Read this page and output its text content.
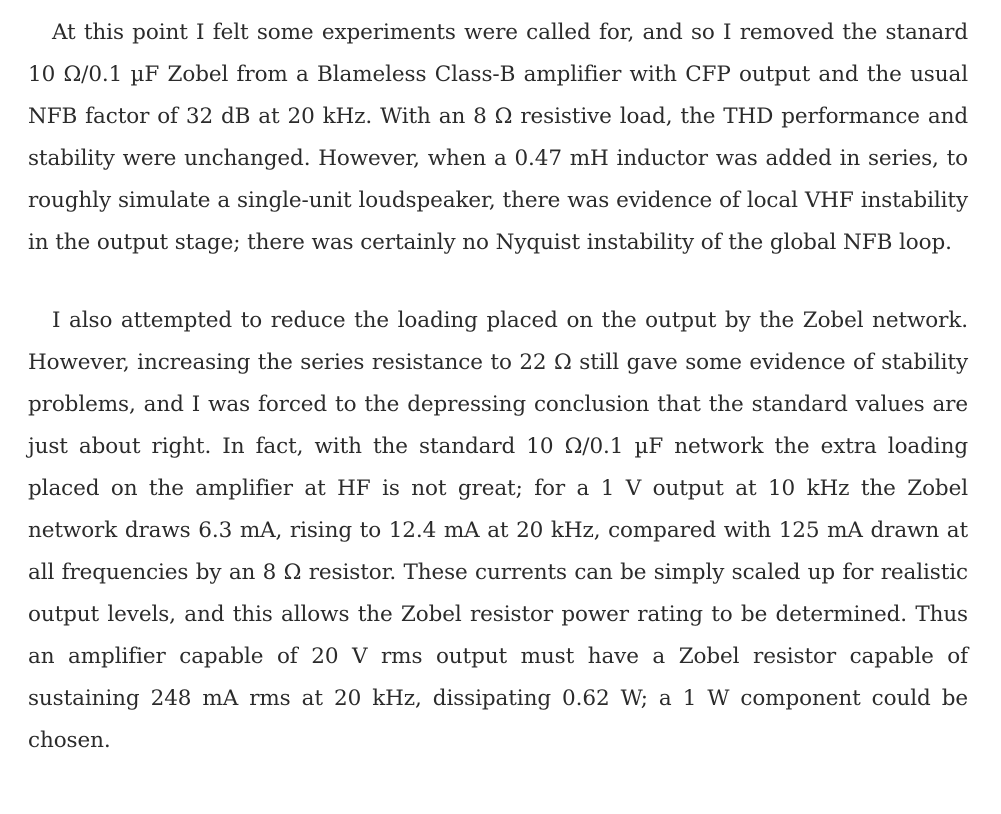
At this point I felt some experiments were called for, and so I removed the stanard 10 Ω/0.1 µF Zobel from a Blameless Class-B amplifier with CFP output and the usual NFB factor of 32 dB at 20 kHz. With an 8 Ω resistive load, the THD performance and stability were unchanged. However, when a 0.47 mH inductor was added in series, to roughly simulate a single-unit loudspeaker, there was evidence of local VHF instability in the output stage; there was certainly no Nyquist instability of the global NFB loop.

I also attempted to reduce the loading placed on the output by the Zobel network. However, increasing the series resistance to 22 Ω still gave some evidence of stability problems, and I was forced to the depressing conclusion that the standard values are just about right. In fact, with the standard 10 Ω/0.1 µF network the extra loading placed on the amplifier at HF is not great; for a 1 V output at 10 kHz the Zobel network draws 6.3 mA, rising to 12.4 mA at 20 kHz, compared with 125 mA drawn at all frequencies by an 8 Ω resistor. These currents can be simply scaled up for realistic output levels, and this allows the Zobel resistor power rating to be determined. Thus an amplifier capable of 20 V rms output must have a Zobel resistor capable of sustaining 248 mA rms at 20 kHz, dissipating 0.62 W; a 1 W component could be chosen.
